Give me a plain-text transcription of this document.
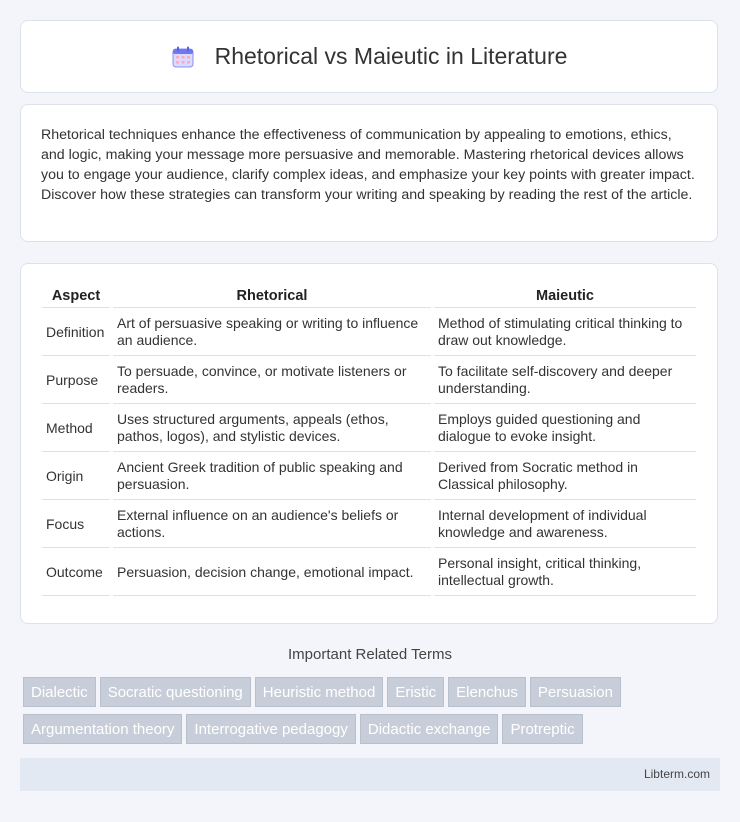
Rhetorical vs Maieutic in Literature
Rhetorical techniques enhance the effectiveness of communication by appealing to emotions, ethics, and logic, making your message more persuasive and memorable. Mastering rhetorical devices allows you to engage your audience, clarify complex ideas, and emphasize your key points with greater impact. Discover how these strategies can transform your writing and speaking by reading the rest of the article.
Aspect	Rhetorical	Maieutic
Definition	Art of persuasive speaking or writing to influence an audience.	Method of stimulating critical thinking to draw out knowledge.
Purpose	To persuade, convince, or motivate listeners or readers.	To facilitate self-discovery and deeper understanding.
Method	Uses structured arguments, appeals (ethos, pathos, logos), and stylistic devices.	Employs guided questioning and dialogue to evoke insight.
Origin	Ancient Greek tradition of public speaking and persuasion.	Derived from Socratic method in Classical philosophy.
Focus	External influence on an audience's beliefs or actions.	Internal development of individual knowledge and awareness.
Outcome	Persuasion, decision change, emotional impact.	Personal insight, critical thinking, intellectual growth.
Important Related Terms
Dialectic Socratic questioning Heuristic method Eristic Elenchus PersuasionArgumentation theory Interrogative pedagogy Didactic exchange Protreptic
Libterm.com
